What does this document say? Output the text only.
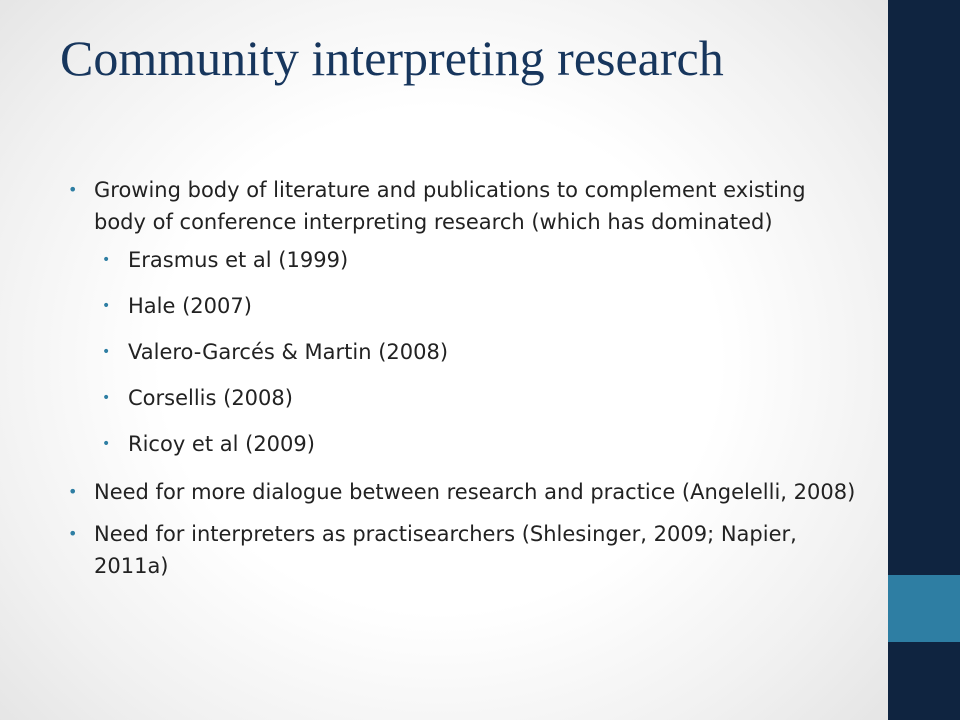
Community interpreting research
• Growing body of literature and publications to complement existing body of conference interpreting research (which has dominated)
• Erasmus et al (1999)
• Hale (2007)
• Valero-Garcés & Martin (2008)
• Corsellis (2008)
• Ricoy et al (2009)
• Need for more dialogue between research and practice (Angelelli, 2008)
• Need for interpreters as practisearchers (Shlesinger, 2009; Napier, 2011a)
